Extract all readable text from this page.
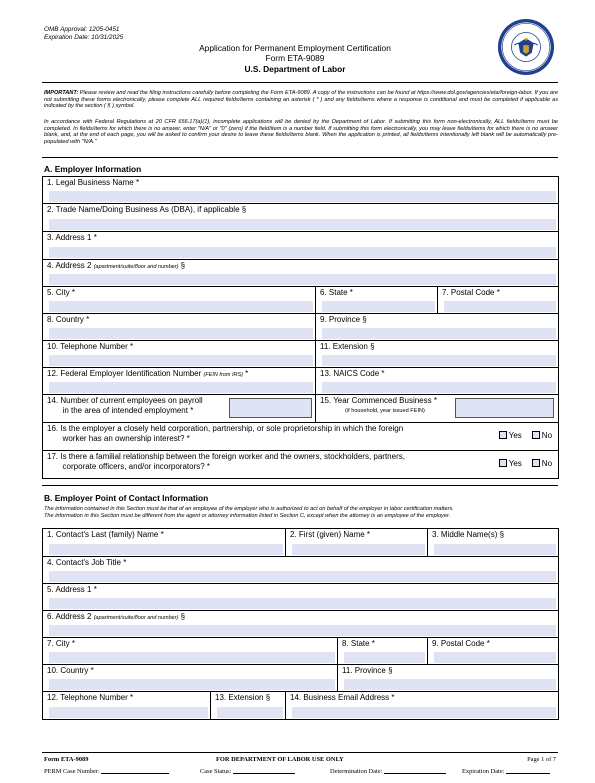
OMB Approval: 1205-0451
Expiration Date: 10/31/2025
Application for Permanent Employment Certification
Form ETA-9089
U.S. Department of Labor
IMPORTANT: Please review and read the filing instructions carefully before completing the Form ETA-9089. A copy of the instructions can be found at https://www.dol.gov/agencies/eta/foreign-labor. If you are not submitting these forms electronically, please complete ALL required fields/items containing an asterisk ( * ) and any fields/items where a response is conditional and must be completed if applicable as indicated by the section ( § ) symbol.
In accordance with Federal Regulations at 20 CFR 656.17(a)(1), incomplete applications will be denied by the Department of Labor. If submitting this form non-electronically, ALL fields/items must be completed. In fields/items for which there is no answer, enter "N/A" or "0" (zero) if the field/item is a number field. If submitting this form electronically, you may leave fields/items for which there is no answer blank, and, at the end of each page, you will be asked to confirm your desire to leave these fields/items blank. When the application is printed, all fields/items intentionally left blank will be automatically pre-populated with "N/A."
A. Employer Information
1. Legal Business Name *		

2. Trade Name/Doing Business As (DBA), if applicable §		

3. Address 1 *		

4. Address 2 (apartment/suite/floor and number) §		

5. City *	6. State *	7. Postal Code *

8. Country *	9. Province §	

10. Telephone Number *	11. Extension §	

12. Federal Employer Identification Number (FEIN from IRS) *	13. NAICS Code *	

14. Number of current employees on payroll
in the area of intended employment *	15. Year Commenced Business *
(if household, year issued FEIN)	

16. Is the employer a closely held corporation, partnership, or sole proprietorship in which the foreign
worker has an ownership interest? * Yes No		

17. Is there a familial relationship between the foreign worker and the owners, stockholders, partners,
corporate officers, and/or incorporators? * Yes No		
B. Employer Point of Contact Information
The information contained in this Section must be that of an employee of the employer who is authorized to act on behalf of the employer in labor certification matters.
The information in this Section must be different from the agent or attorney information listed in Section C, except when the attorney is an employee of the employer.
1. Contact's Last (family) Name *		2. First (given) Name *		3. Middle Name(s) §

4. Contact's Job Title *				

5. Address 1 *				

6. Address 2 (apartment/suite/floor and number) §				

7. City *			8. State *	9. Postal Code *

10. Country *			11. Province §	

12. Telephone Number *	13. Extension §	14. Business Email Address *		
Form ETA-9089	FOR DEPARTMENT OF LABOR USE ONLY	Page 1 of 7
PERM Case Number:	Case Status:	Determination Date:	Expiration Date:
